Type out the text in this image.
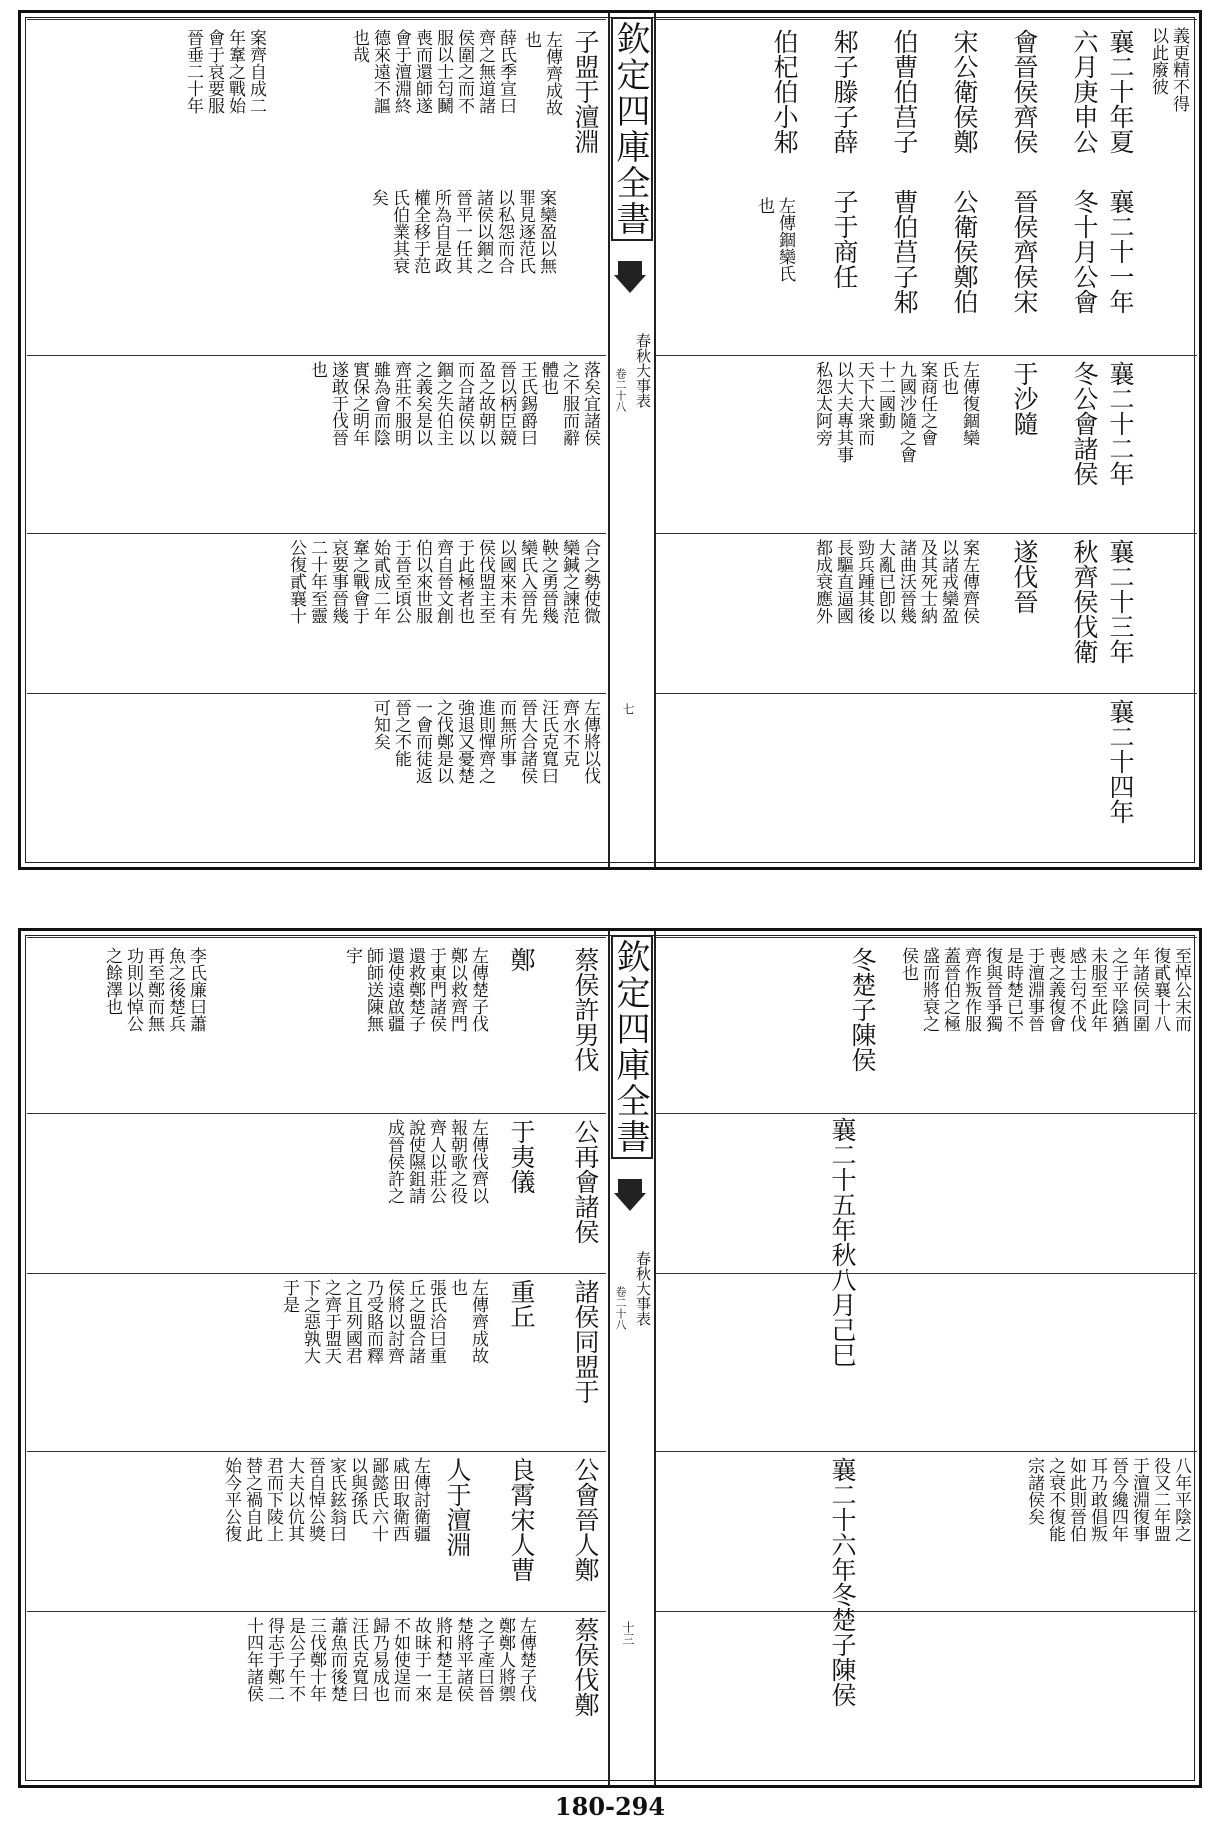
義更精不得
以此廢彼
襄二十年夏
六月庚申公
會晉侯齊侯
宋公衛侯鄭
伯曹伯莒子
邾子滕子薛
伯杞伯小邾
襄二十一年
冬十月公會
晉侯齊侯宋
公衛侯鄭伯
曹伯莒子邾
子于商任
左傳錮欒氏
也
襄二十二年
冬公會諸侯
于沙隨
左傳復錮欒
氏也
案商任之會
九國沙隨之會
十二國動
天下大衆而
以大夫專其事
私怨太阿旁
襄二十三年
秋齊侯伐衛
遂伐晉
案左傳齊侯
以諸戎欒盈
及其死士納
諸曲沃晉幾
大亂已卽以
勁兵踵其後
長驅直逼國
都成衰應外
襄二十四年
欽定四庫全書
春秋大事表
卷二十八
七
子盟于澶淵
左傳齊成故
也
薛氏季宣曰
齊之無道諸
侯圍之而不
服以士匄鬭
喪而還師遂
會于澶淵終
德來遠不謳
也哉
案齊自成二
年鞌之戰始
會于哀要服
晉垂二十年
案欒盈以無
罪見逐范氏
以私怨而合
諸侯以錮之
晉平一任其
所為自是政
權全移于范
氏伯業其衰
矣
落矣宜諸侯
之不服而辭
體也
王氏錫爵曰
晉以柄臣競
盈之故朝以
而合諸侯以
錮之失伯主
之義矣是以
齊莊不服明
雖為會而陰
實保之明年
遂敢于伐晉
也
合之勢使微
欒鍼之諫范
鞅之勇晉幾
欒氏入晉先
以國來未有
侯伐盟主至
于此極者也
齊自晉文創
伯以來世服
于晉至頃公
始貳成二年
鞌之戰會于
哀要事晉幾
二十年至靈
公復貳襄十
左傳將以伐
齊水不克
汪氏克寬曰
晉大合諸侯
而無所事
進則憚齊之
強退又憂楚
之伐鄭是以
一會而徒返
晉之不能
可知矣
至悼公末而
復貳襄十八
年諸侯同圍
之于平陰猶
未服至此年
感士匄不伐
喪之義復會
于澶淵事晉
是時楚已不
復與晉爭獨
齊作叛作服
蓋晉伯之極
盛而將衰之
侯也
冬楚子陳侯
襄二十五年秋八月己巳
八年平陰之
役又二年盟
于澶淵復事
晉今纔四年
耳乃敢倡叛
如此則晉伯
之衰不復能
宗諸侯矣
襄二十六年冬楚子陳侯
欽定四庫全書
春秋大事表
卷二十八
十三
蔡侯許男伐
鄭
左傳楚子伐
鄭以救齊門
于東門諸侯
還救鄭楚子
還使遠啟疆
師師送陳無
宇
李氏廉曰蕭
魚之後楚兵
再至鄭而無
功則以悼公
之餘澤也
公再會諸侯
于夷儀
左傳伐齊以
報朝歌之役
齊人以莊公
說使隰鉏請
成晉侯許之
諸侯同盟于
重丘
左傳齊成故
也
張氏洽曰重
丘之盟合諸
侯將以討齊
乃受賂而釋
之且列國君
之齊于盟天
下之惡孰大
于是
公會晉人鄭
良霄宋人曹
人于澶淵
左傳討衛疆
戚田取衛西
鄙懿氏六十
以與孫氏
家氏鉉翁曰
晉自悼公獎
大夫以伉其
君而下陵上
替之禍自此
始今平公復
蔡侯伐鄭
左傳楚子伐
鄭鄭人將禦
之子產曰晉
楚將平諸侯
將和楚王是
故昧于一來
不如使逞而
歸乃易成也
汪氏克寬曰
蕭魚而後楚
三伐鄭十年
是公子午不
得志于鄭二
十四年諸侯
180-294
